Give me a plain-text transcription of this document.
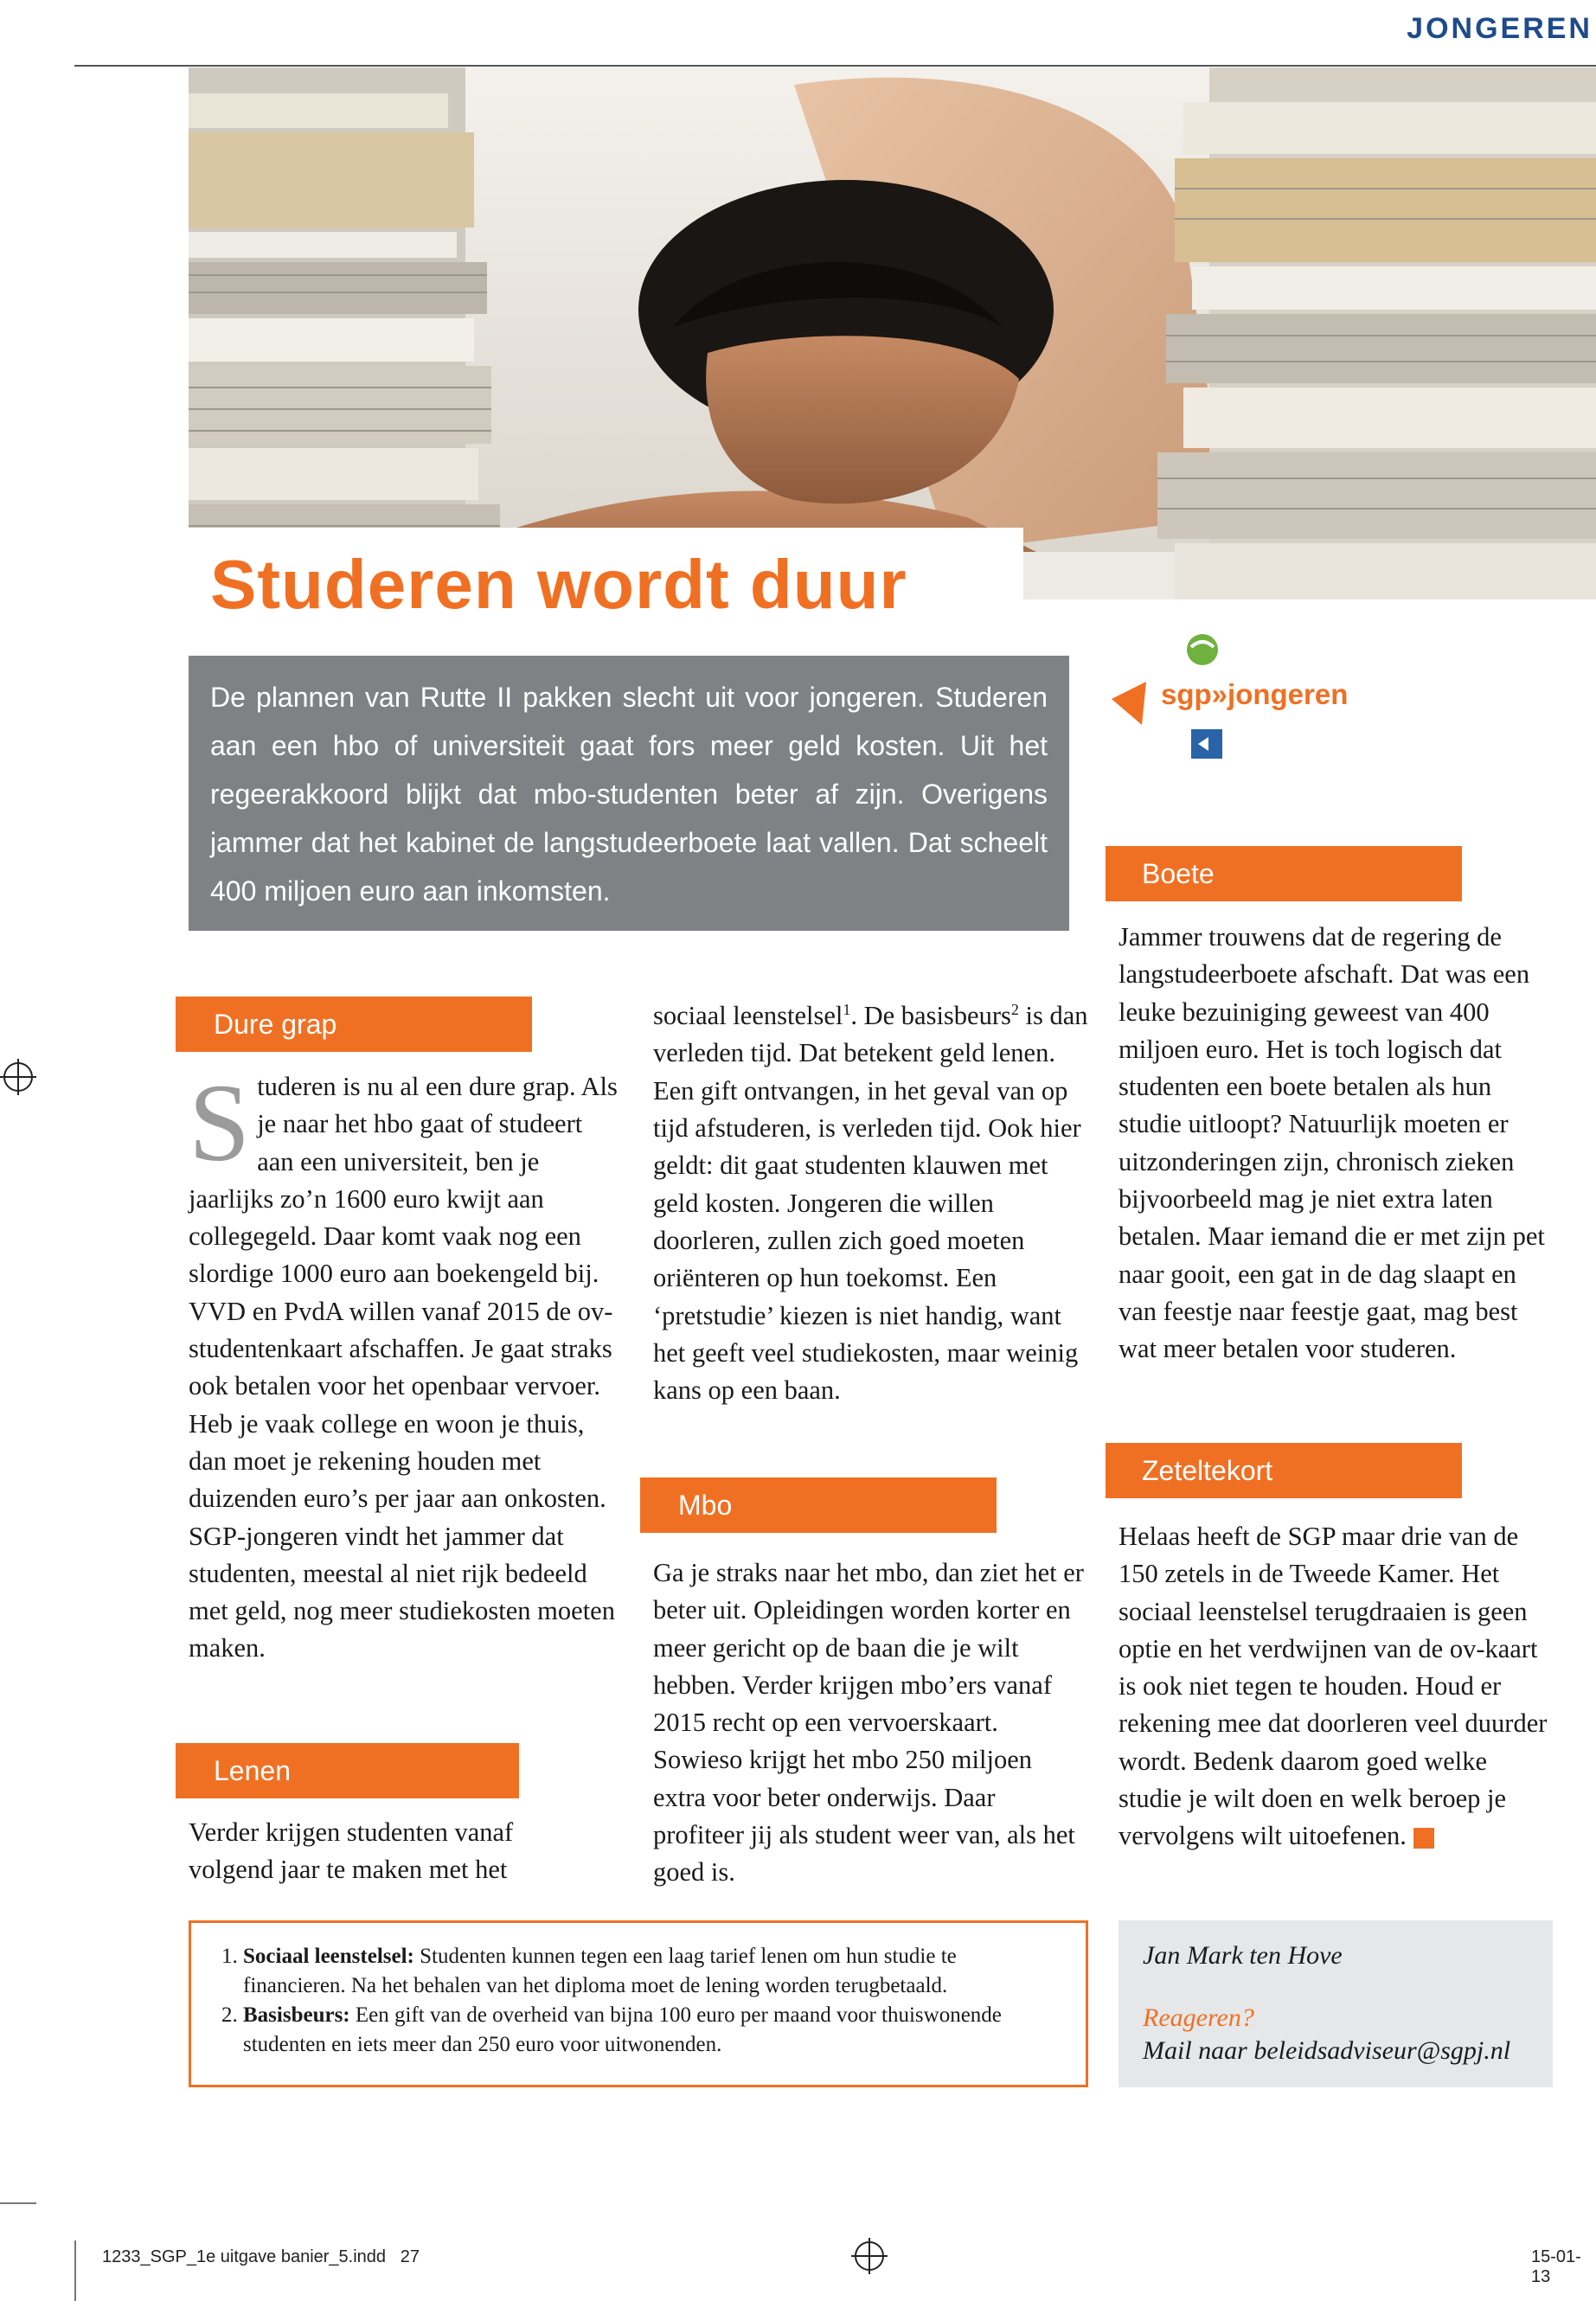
JONGEREN
Studeren wordt duur
De plannen van Rutte II pakken slecht uit voor jongeren. Studeren aan een hbo of universiteit gaat fors meer geld kosten. Uit het regeerakkoord blijkt dat mbo-studenten beter af zijn. Overigens jammer dat het kabinet de langstudeerboete laat vallen. Dat scheelt 400 miljoen euro aan inkomsten.
sgp»jongeren
Dure grap

Studeren is nu al een dure grap. Als je naar het hbo gaat of studeert aan een universiteit, ben je jaarlijks zo’n 1600 euro kwijt aan collegegeld. Daar komt vaak nog een slordige 1000 euro aan boekengeld bij. VVD en PvdA willen vanaf 2015 de ov-studentenkaart afschaffen. Je gaat straks ook betalen voor het openbaar vervoer. Heb je vaak college en woon je thuis, dan moet je rekening houden met duizenden euro’s per jaar aan onkosten. SGP-jongeren vindt het jammer dat studenten, meestal al niet rijk bedeeld met geld, nog meer studiekosten moeten maken.

Lenen
Verder krijgen studenten vanaf volgend jaar te maken met het

sociaal leenstelsel$^1$. De basisbeurs$^2$ is dan verleden tijd. Dat betekent geld lenen. Een gift ontvangen, in het geval van op tijd afstuderen, is verleden tijd. Ook hier geldt: dit gaat studenten klauwen met geld kosten. Jongeren die willen doorleren, zullen zich goed moeten oriënteren op hun toekomst. Een ‘pretstudie’ kiezen is niet handig, want het geeft veel studiekosten, maar weinig kans op een baan.

Mbo
Ga je straks naar het mbo, dan ziet het er beter uit. Opleidingen worden korter en meer gericht op de baan die je wilt hebben. Verder krijgen mbo’ers vanaf 2015 recht op een vervoerskaart. Sowieso krijgt het mbo 250 miljoen extra voor beter onderwijs. Daar profiteer jij als student weer van, als het goed is.
Boete
Jammer trouwens dat de regering de langstudeerboete afschaft. Dat was een leuke bezuiniging geweest van 400 miljoen euro. Het is toch logisch dat studenten een boete betalen als hun studie uitloopt? Natuurlijk moeten er uitzonderingen zijn, chronisch zieken bijvoorbeeld mag je niet extra laten betalen. Maar iemand die er met zijn pet naar gooit, een gat in de dag slaapt en van feestje naar feestje gaat, mag best wat meer betalen voor studeren.
Zeteltekort

Helaas heeft de SGP maar drie van de 150 zetels in de Tweede Kamer. Het sociaal leenstelsel terugdraaien is geen optie en het verdwijnen van de ov-kaart is ook niet tegen te houden. Houd er rekening mee dat doorleren veel duurder wordt. Bedenk daarom goed welke studie je wilt doen en welk beroep je vervolgens wilt uitoefenen.

1. Sociaal leenstelsel: Studenten kunnen tegen een laag tarief lenen om hun studie te financieren. Na het behalen van het diploma moet de lening worden terugbetaald.
2. Basisbeurs: Een gift van de overheid van bijna 100 euro per maand voor thuiswonende studenten en iets meer dan 250 euro voor uitwonenden.
Jan Mark ten Hove
Reageren?
Mail naar beleidsadviseur@sgpj.nl
1233_SGP_1e uitgave banier_5.indd 27	15-01-13
